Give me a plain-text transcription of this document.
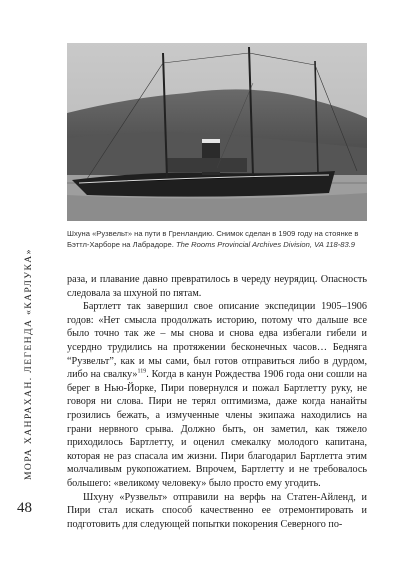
Шхуна «Рузвельт» на пути в Гренландию. Снимок сделан в 1909 году на стоянке в Бэттл-Харборе на Лабрадоре. The Rooms Provincial Archives Division, VA 118-83.9
МОРА ХАНРАХАН. ЛЕГЕНДА «КАРЛУКА»
48

раза, и плавание давно превратилось в череду неурядиц. Опасность следовала за шхуной по пятам.

Бартлетт так завершил свое описание экспедиции 1905–1906 годов: «Нет смысла продолжать историю, потому что дальше все было точно так же – мы снова и снова едва избегали гибели и усердно трудились на протяжении бесконечных часов… Бедняга “Рузвельт”, как и мы сами, был готов отправиться либо в дурдом, либо на свалку»$^{119}$. Когда в канун Рождества 1906 года они сошли на берег в Нью-Йорке, Пири повернулся и пожал Бартлетту руку, не говоря ни слова. Пири не терял оптимизма, даже когда нанайты грозились бежать, а измученные члены экипажа находились на грани нервного срыва. Должно быть, он заметил, как тяжело приходилось Бартлетту, и оценил смекалку молодого капитана, которая не раз спасала им жизни. Пири благодарил Бартлетта этим молчаливым рукопожатием. Впрочем, Бартлетту и не требовалось большего: «великому человеку» было просто ему угодить.

Шхуну «Рузвельт» отправили на верфь на Статен-Айленд, и Пири стал искать способ качественно ее отремонтировать и подготовить для следующей попытки покорения Северного по-
